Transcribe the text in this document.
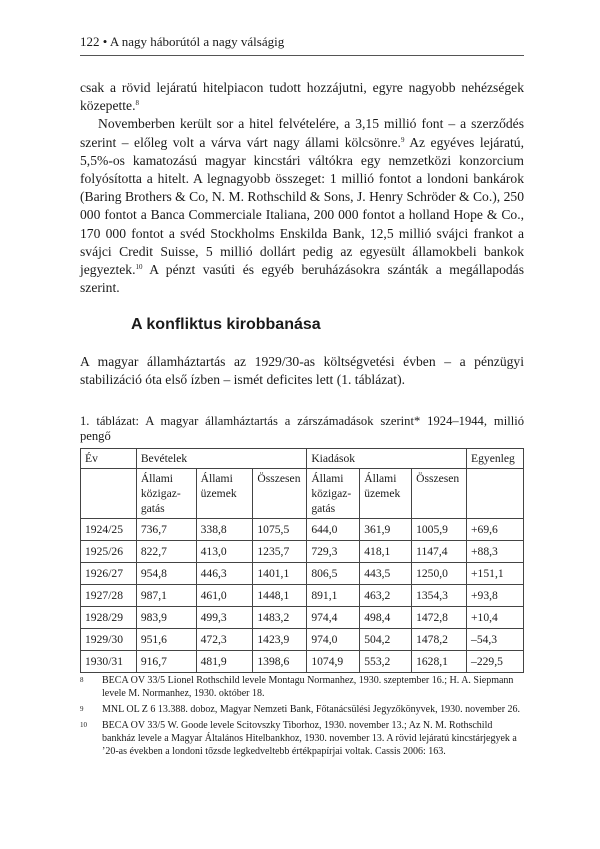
122 • A nagy háborútól a nagy válságig

csak a rövid lejáratú hitelpiacon tudott hozzájutni, egyre nagyobb nehézségek közepette.$^8$

Novemberben került sor a hitel felvételére, a 3,15 millió font – a szerződés szerint – előleg volt a várva várt nagy állami kölcsönre.$^9$ Az egyéves lejáratú, 5,5%-os kamatozású magyar kincstári váltókra egy nemzetközi konzorcium folyósította a hitelt. A legnagyobb összeget: 1 millió fontot a londoni bankárok (Baring Brothers & Co, N. M. Rothschild & Sons, J. Henry Schröder & Co.), 250 000 fontot a Banca Commerciale Italiana, 200 000 fontot a holland Hope & Co., 170 000 fontot a svéd Stockholms Enskilda Bank, 12,5 millió svájci frankot a svájci Credit Suisse, 5 millió dollárt pedig az egyesült államokbeli bankok jegyeztek.$^{10}$ A pénzt vasúti és egyéb beruházásokra szánták a megállapodás szerint.

A konfliktus kirobbanása

A magyar államháztartás az 1929/30-as költségvetési évben – a pénzügyi stabilizáció óta első ízben – ismét deficites lett (1. táblázat).

1. táblázat: A magyar államháztartás a zárszámadások szerint* 1924–1944, millió pengő

Év	Bevételek			Kiadások			Egyenleg
	Állami közigazgatás	Állami üzemek	Összesen	Állami közigazgatás	Állami üzemek	Összesen	
1924/25	736,7	338,8	1075,5	644,0	361,9	1005,9	+69,6
1925/26	822,7	413,0	1235,7	729,3	418,1	1147,4	+88,3
1926/27	954,8	446,3	1401,1	806,5	443,5	1250,0	+151,1
1927/28	987,1	461,0	1448,1	891,1	463,2	1354,3	+93,8
1928/29	983,9	499,3	1483,2	974,4	498,4	1472,8	+10,4
1929/30	951,6	472,3	1423,9	974,0	504,2	1478,2	–54,3
1930/31	916,7	481,9	1398,6	1074,9	553,2	1628,1	–229,5
8	BECA OV 33/5 Lionel Rothschild levele Montagu Normanhez, 1930. szeptember 16.; H. A. Siepmann levele M. Normanhez, 1930. október 18.
9	MNL OL Z 6 13.388. doboz, Magyar Nemzeti Bank, Főtanácsülési Jegyzőkönyvek, 1930. november 26.
10	BECA OV 33/5 W. Goode levele Scitovszky Tiborhoz, 1930. november 13.; Az N. M. Rothschild bankház levele a Magyar Általános Hitelbankhoz, 1930. november 13. A rövid lejáratú kincstárjegyek a ’20-as években a londoni tőzsde legkedveltebb értékpapírjai voltak. Cassis 2006: 163.
